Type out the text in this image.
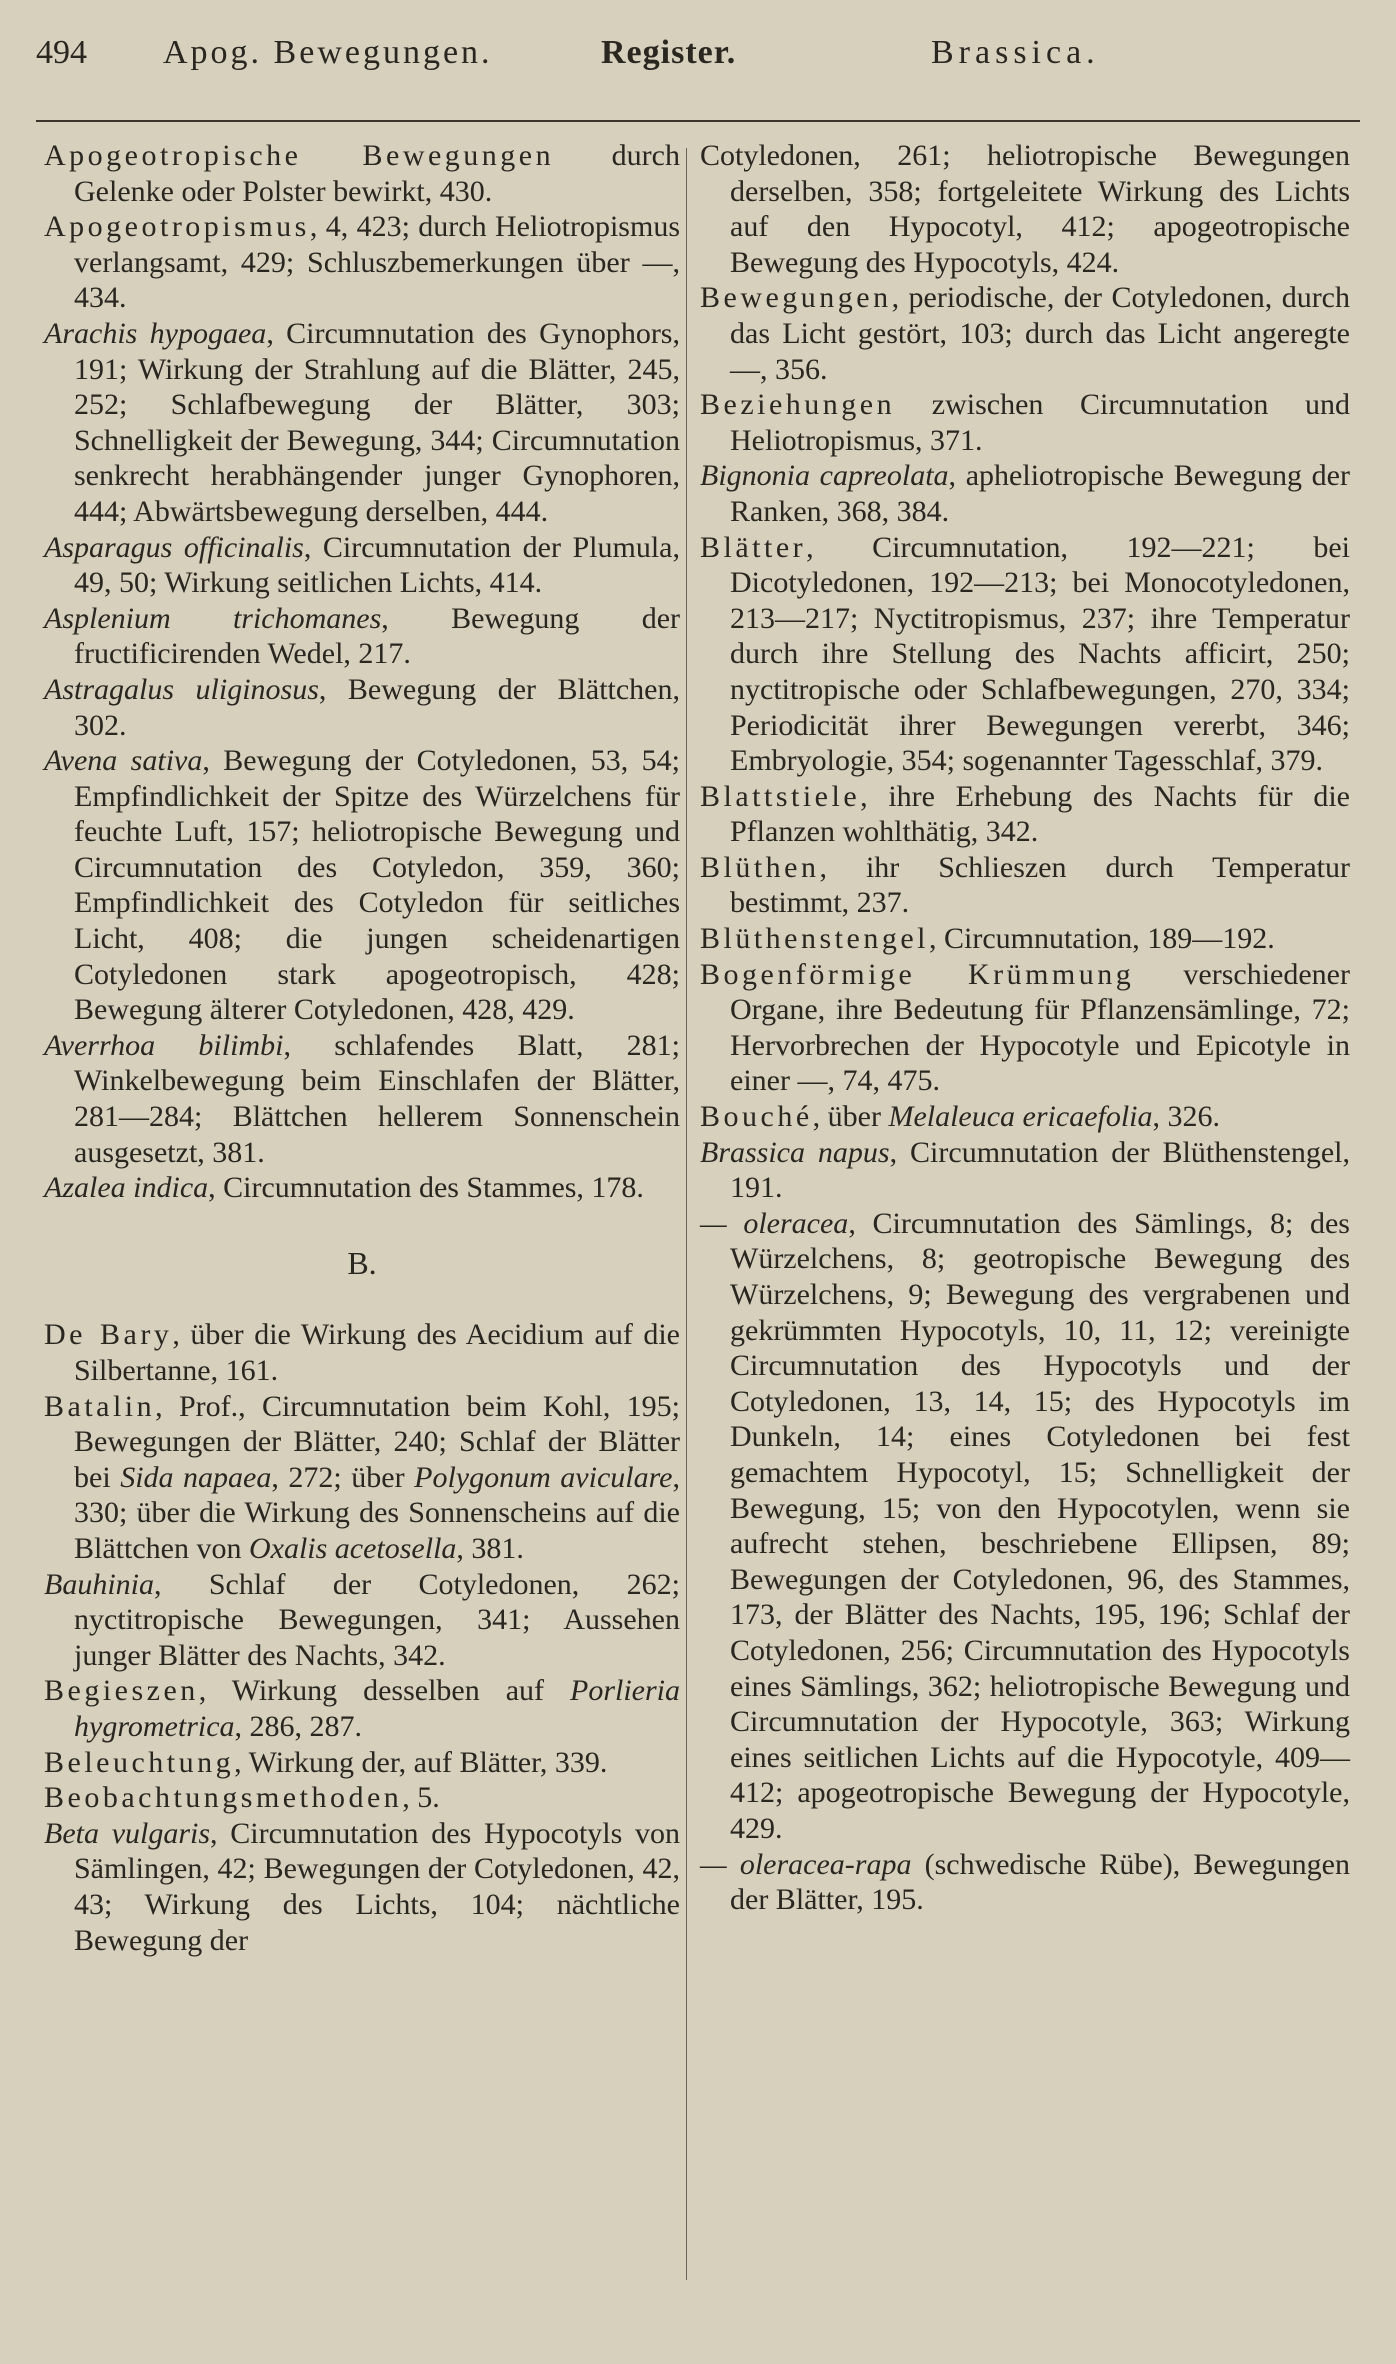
494 Apog. Bewegungen.	Register.	Brassica.

Apogeotropische Bewegungen durch Gelenke oder Polster bewirkt, 430.

Apogeotropismus, 4, 423; durch Heliotropismus verlangsamt, 429; Schluszbemerkungen über —, 434.

Arachis hypogaea, Circumnutation des Gynophors, 191; Wirkung der Strahlung auf die Blätter, 245, 252; Schlafbewegung der Blätter, 303; Schnelligkeit der Bewegung, 344; Circumnutation senkrecht herabhängender junger Gynophoren, 444; Abwärtsbewegung derselben, 444.

Asparagus officinalis, Circumnutation der Plumula, 49, 50; Wirkung seitlichen Lichts, 414.

Asplenium trichomanes, Bewegung der fructificirenden Wedel, 217.

Astragalus uliginosus, Bewegung der Blättchen, 302.

Avena sativa, Bewegung der Cotyledonen, 53, 54; Empfindlichkeit der Spitze des Würzelchens für feuchte Luft, 157; heliotropische Bewegung und Circumnutation des Cotyledon, 359, 360; Empfindlichkeit des Cotyledon für seitliches Licht, 408; die jungen scheidenartigen Cotyledonen stark apogeotropisch, 428; Bewegung älterer Cotyledonen, 428, 429.

Averrhoa bilimbi, schlafendes Blatt, 281; Winkelbewegung beim Einschlafen der Blätter, 281—284; Blättchen hellerem Sonnenschein ausgesetzt, 381.

Azalea indica, Circumnutation des Stammes, 178.

B.

De Bary, über die Wirkung des Aecidium auf die Silbertanne, 161.

Batalin, Prof., Circumnutation beim Kohl, 195; Bewegungen der Blätter, 240; Schlaf der Blätter bei Sida napaea, 272; über Polygonum aviculare, 330; über die Wirkung des Sonnenscheins auf die Blättchen von Oxalis acetosella, 381.

Bauhinia, Schlaf der Cotyledonen, 262; nyctitropische Bewegungen, 341; Aussehen junger Blätter des Nachts, 342.

Begieszen, Wirkung desselben auf Porlieria hygrometrica, 286, 287.

Beleuchtung, Wirkung der, auf Blätter, 339.

Beobachtungsmethoden, 5.

Beta vulgaris, Circumnutation des Hypocotyls von Sämlingen, 42; Bewegungen der Cotyledonen, 42, 43; Wirkung des Lichts, 104; nächtliche Bewegung der

Cotyledonen, 261; heliotropische Bewegungen derselben, 358; fortgeleitete Wirkung des Lichts auf den Hypocotyl, 412; apogeotropische Bewegung des Hypocotyls, 424.

Bewegungen, periodische, der Cotyledonen, durch das Licht gestört, 103; durch das Licht angeregte —, 356.

Beziehungen zwischen Circumnutation und Heliotropismus, 371.

Bignonia capreolata, apheliotropische Bewegung der Ranken, 368, 384.

Blätter, Circumnutation, 192—221; bei Dicotyledonen, 192—213; bei Monocotyledonen, 213—217; Nyctitropismus, 237; ihre Temperatur durch ihre Stellung des Nachts afficirt, 250; nyctitropische oder Schlafbewegungen, 270, 334; Periodicität ihrer Bewegungen vererbt, 346; Embryologie, 354; sogenannter Tagesschlaf, 379.

Blattstiele, ihre Erhebung des Nachts für die Pflanzen wohlthätig, 342.

Blüthen, ihr Schlieszen durch Temperatur bestimmt, 237.

Blüthenstengel, Circumnutation, 189—192.

Bogenförmige Krümmung verschiedener Organe, ihre Bedeutung für Pflanzensämlinge, 72; Hervorbrechen der Hypocotyle und Epicotyle in einer —, 74, 475.

Bouché, über Melaleuca ericaefolia, 326.

Brassica napus, Circumnutation der Blüthenstengel, 191.

— oleracea, Circumnutation des Sämlings, 8; des Würzelchens, 8; geotropische Bewegung des Würzelchens, 9; Bewegung des vergrabenen und gekrümmten Hypocotyls, 10, 11, 12; vereinigte Circumnutation des Hypocotyls und der Cotyledonen, 13, 14, 15; des Hypocotyls im Dunkeln, 14; eines Cotyledonen bei fest gemachtem Hypocotyl, 15; Schnelligkeit der Bewegung, 15; von den Hypocotylen, wenn sie aufrecht stehen, beschriebene Ellipsen, 89; Bewegungen der Cotyledonen, 96, des Stammes, 173, der Blätter des Nachts, 195, 196; Schlaf der Cotyledonen, 256; Circumnutation des Hypocotyls eines Sämlings, 362; heliotropische Bewegung und Circumnutation der Hypocotyle, 363; Wirkung eines seitlichen Lichts auf die Hypocotyle, 409—412; apogeotropische Bewegung der Hypocotyle, 429.

— oleracea-rapa (schwedische Rübe), Bewegungen der Blätter, 195.
